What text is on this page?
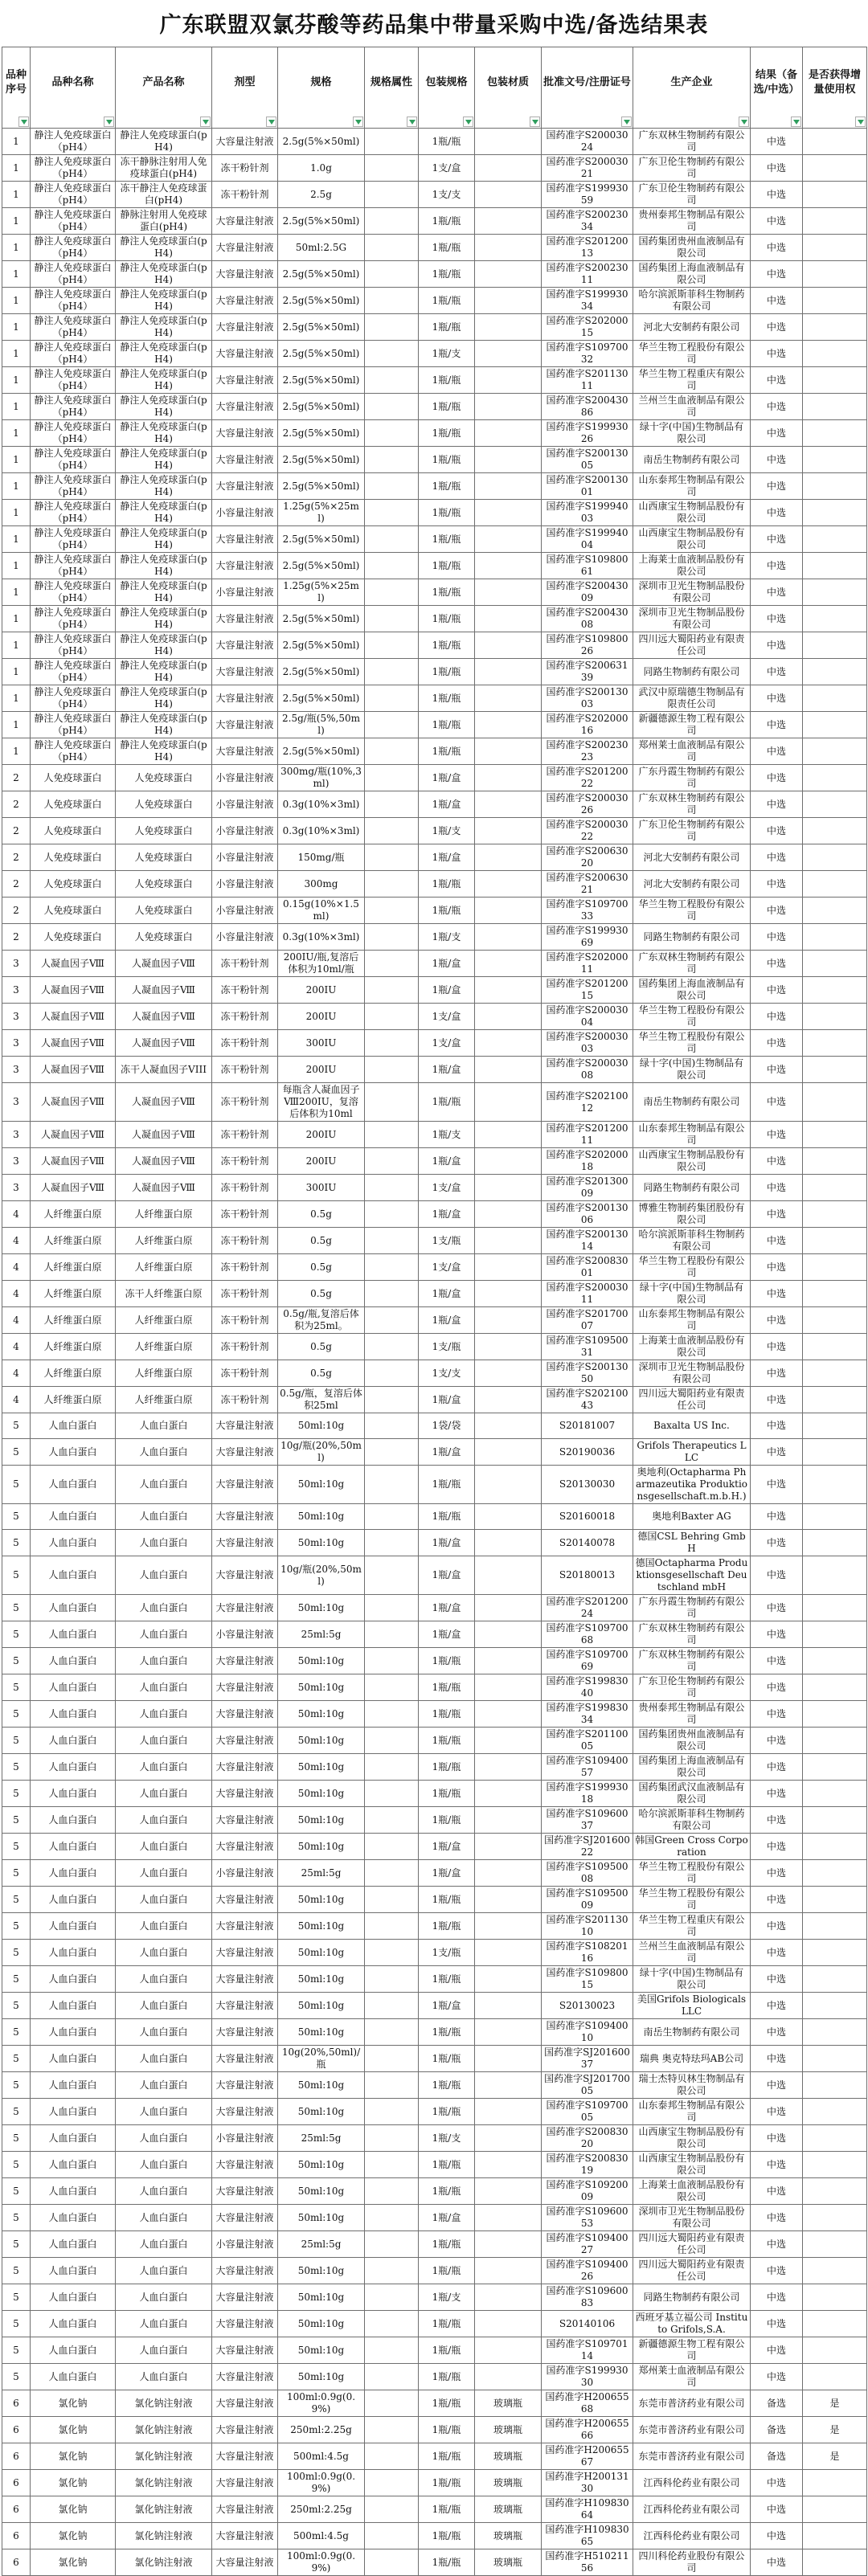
广东联盟双氯芬酸等药品集中带量采购中选/备选结果表
品种序号	品种名称	产品名称	剂型	规格	规格属性	包装规格	包装材质	批准文号/注册证号	生产企业	结果（备选/中选）	是否获得增量使用权

1	静注人免疫球蛋白（pH4）	静注人免疫球蛋白(pH4)	大容量注射液	2.5g(5%×50ml)		1瓶/瓶		国药准字S20003024	广东双林生物制药有限公司	中选	
1	静注人免疫球蛋白（pH4）	冻干静脉注射用人免疫球蛋白(pH4)	冻干粉针剂	1.0g		1支/盒		国药准字S20003021	广东卫伦生物制药有限公司	中选	
1	静注人免疫球蛋白（pH4）	冻干静注人免疫球蛋白(pH4)	冻干粉针剂	2.5g		1支/支		国药准字S19993059	广东卫伦生物制药有限公司	中选	
1	静注人免疫球蛋白（pH4）	静脉注射用人免疫球蛋白(pH4)	大容量注射液	2.5g(5%×50ml)		1瓶/瓶		国药准字S20023034	贵州泰邦生物制品有限公司	中选	
1	静注人免疫球蛋白（pH4）	静注人免疫球蛋白(pH4)	大容量注射液	50ml:2.5G		1瓶/瓶		国药准字S20120013	国药集团贵州血液制品有限公司	中选	
1	静注人免疫球蛋白（pH4）	静注人免疫球蛋白(pH4)	大容量注射液	2.5g(5%×50ml)		1瓶/瓶		国药准字S20023011	国药集团上海血液制品有限公司	中选	
1	静注人免疫球蛋白（pH4）	静注人免疫球蛋白(pH4)	大容量注射液	2.5g(5%×50ml)		1瓶/瓶		国药准字S19993034	哈尔滨派斯菲科生物制药有限公司	中选	
1	静注人免疫球蛋白（pH4）	静注人免疫球蛋白(pH4)	大容量注射液	2.5g(5%×50ml)		1瓶/瓶		国药准字S20200015	河北大安制药有限公司	中选	
1	静注人免疫球蛋白（pH4）	静注人免疫球蛋白(pH4)	大容量注射液	2.5g(5%×50ml)		1瓶/支		国药准字S10970032	华兰生物工程股份有限公司	中选	
1	静注人免疫球蛋白（pH4）	静注人免疫球蛋白(pH4)	大容量注射液	2.5g(5%×50ml)		1瓶/瓶		国药准字S20113011	华兰生物工程重庆有限公司	中选	
1	静注人免疫球蛋白（pH4）	静注人免疫球蛋白(pH4)	大容量注射液	2.5g(5%×50ml)		1瓶/瓶		国药准字S20043086	兰州兰生血液制品有限公司	中选	
1	静注人免疫球蛋白（pH4）	静注人免疫球蛋白(pH4)	大容量注射液	2.5g(5%×50ml)		1瓶/瓶		国药准字S19993026	绿十字(中国)生物制品有限公司	中选	
1	静注人免疫球蛋白（pH4）	静注人免疫球蛋白(pH4)	大容量注射液	2.5g(5%×50ml)		1瓶/瓶		国药准字S20013005	南岳生物制药有限公司	中选	
1	静注人免疫球蛋白（pH4）	静注人免疫球蛋白(pH4)	大容量注射液	2.5g(5%×50ml)		1瓶/瓶		国药准字S20013001	山东泰邦生物制品有限公司	中选	
1	静注人免疫球蛋白（pH4）	静注人免疫球蛋白(pH4)	小容量注射液	1.25g(5%×25ml)		1瓶/瓶		国药准字S19994003	山西康宝生物制品股份有限公司	中选	
1	静注人免疫球蛋白（pH4）	静注人免疫球蛋白(pH4)	大容量注射液	2.5g(5%×50ml)		1瓶/瓶		国药准字S19994004	山西康宝生物制品股份有限公司	中选	
1	静注人免疫球蛋白（pH4）	静注人免疫球蛋白(pH4)	大容量注射液	2.5g(5%×50ml)		1瓶/瓶		国药准字S10980061	上海莱士血液制品股份有限公司	中选	
1	静注人免疫球蛋白（pH4）	静注人免疫球蛋白(pH4)	小容量注射液	1.25g(5%×25ml)		1瓶/瓶		国药准字S20043009	深圳市卫光生物制品股份有限公司	中选	
1	静注人免疫球蛋白（pH4）	静注人免疫球蛋白(pH4)	大容量注射液	2.5g(5%×50ml)		1瓶/瓶		国药准字S20043008	深圳市卫光生物制品股份有限公司	中选	
1	静注人免疫球蛋白（pH4）	静注人免疫球蛋白(pH4)	大容量注射液	2.5g(5%×50ml)		1瓶/瓶		国药准字S10980026	四川远大蜀阳药业有限责任公司	中选	
1	静注人免疫球蛋白（pH4）	静注人免疫球蛋白(pH4)	大容量注射液	2.5g(5%×50ml)		1瓶/瓶		国药准字S20063139	同路生物制药有限公司	中选	
1	静注人免疫球蛋白（pH4）	静注人免疫球蛋白(pH4)	大容量注射液	2.5g(5%×50ml)		1瓶/瓶		国药准字S20013003	武汉中原瑞德生物制品有限责任公司	中选	
1	静注人免疫球蛋白（pH4）	静注人免疫球蛋白(pH4)	大容量注射液	2.5g/瓶(5%,50ml)		1瓶/瓶		国药准字S20200016	新疆德源生物工程有限公司	中选	
1	静注人免疫球蛋白（pH4）	静注人免疫球蛋白(pH4)	大容量注射液	2.5g(5%×50ml)		1瓶/瓶		国药准字S20023023	郑州莱士血液制品有限公司	中选	
2	人免疫球蛋白	人免疫球蛋白	小容量注射液	300mg/瓶(10%,3ml)		1瓶/盒		国药准字S20120022	广东丹霞生物制药有限公司	中选	
2	人免疫球蛋白	人免疫球蛋白	小容量注射液	0.3g(10%×3ml)		1瓶/盒		国药准字S20003026	广东双林生物制药有限公司	中选	
2	人免疫球蛋白	人免疫球蛋白	小容量注射液	0.3g(10%×3ml)		1瓶/支		国药准字S20003022	广东卫伦生物制药有限公司	中选	
2	人免疫球蛋白	人免疫球蛋白	小容量注射液	150mg/瓶		1瓶/盒		国药准字S20063020	河北大安制药有限公司	中选	
2	人免疫球蛋白	人免疫球蛋白	小容量注射液	300mg		1瓶/瓶		国药准字S20063021	河北大安制药有限公司	中选	
2	人免疫球蛋白	人免疫球蛋白	小容量注射液	0.15g(10%×1.5ml)		1瓶/瓶		国药准字S10970033	华兰生物工程股份有限公司	中选	
2	人免疫球蛋白	人免疫球蛋白	小容量注射液	0.3g(10%×3ml)		1瓶/支		国药准字S19993069	同路生物制药有限公司	中选	
3	人凝血因子Ⅷ	人凝血因子Ⅷ	冻干粉针剂	200IU/瓶,复溶后体积为10ml/瓶		1瓶/盒		国药准字S20200011	广东双林生物制药有限公司	中选	
3	人凝血因子Ⅷ	人凝血因子Ⅷ	冻干粉针剂	200IU		1瓶/盒		国药准字S20120015	国药集团上海血液制品有限公司	中选	
3	人凝血因子Ⅷ	人凝血因子Ⅷ	冻干粉针剂	200IU		1支/盒		国药准字S20003004	华兰生物工程股份有限公司	中选	
3	人凝血因子Ⅷ	人凝血因子Ⅷ	冻干粉针剂	300IU		1支/盒		国药准字S20003003	华兰生物工程股份有限公司	中选	
3	人凝血因子Ⅷ	冻干人凝血因子VIII	冻干粉针剂	200IU		1瓶/盒		国药准字S20003008	绿十字(中国)生物制品有限公司	中选	
3	人凝血因子Ⅷ	人凝血因子Ⅷ	冻干粉针剂	每瓶含人凝血因子Ⅷ200IU，复溶后体积为10ml		1瓶/瓶		国药准字S20210012	南岳生物制药有限公司	中选	
3	人凝血因子Ⅷ	人凝血因子Ⅷ	冻干粉针剂	200IU		1瓶/支		国药准字S20120011	山东泰邦生物制品有限公司	中选	
3	人凝血因子Ⅷ	人凝血因子Ⅷ	冻干粉针剂	200IU		1瓶/盒		国药准字S20200018	山西康宝生物制品股份有限公司	中选	
3	人凝血因子Ⅷ	人凝血因子Ⅷ	冻干粉针剂	300IU		1支/盒		国药准字S20130009	同路生物制药有限公司	中选	
4	人纤维蛋白原	人纤维蛋白原	冻干粉针剂	0.5g		1瓶/盒		国药准字S20013006	博雅生物制药集团股份有限公司	中选	
4	人纤维蛋白原	人纤维蛋白原	冻干粉针剂	0.5g		1支/瓶		国药准字S20013014	哈尔滨派斯菲科生物制药有限公司	中选	
4	人纤维蛋白原	人纤维蛋白原	冻干粉针剂	0.5g		1支/盒		国药准字S20083001	华兰生物工程股份有限公司	中选	
4	人纤维蛋白原	冻干人纤维蛋白原	冻干粉针剂	0.5g		1瓶/盒		国药准字S20003011	绿十字(中国)生物制品有限公司	中选	
4	人纤维蛋白原	人纤维蛋白原	冻干粉针剂	0.5g/瓶,复溶后体积为25ml。		1瓶/盒		国药准字S20170007	山东泰邦生物制品有限公司	中选	
4	人纤维蛋白原	人纤维蛋白原	冻干粉针剂	0.5g		1支/瓶		国药准字S10950031	上海莱士血液制品股份有限公司	中选	
4	人纤维蛋白原	人纤维蛋白原	冻干粉针剂	0.5g		1支/支		国药准字S20013050	深圳市卫光生物制品股份有限公司	中选	
4	人纤维蛋白原	人纤维蛋白原	冻干粉针剂	0.5g/瓶，复溶后体积25ml		1瓶/盒		国药准字S20210043	四川远大蜀阳药业有限责任公司	中选	
5	人血白蛋白	人血白蛋白	大容量注射液	50ml:10g		1袋/袋		S20181007	Baxalta US Inc.	中选	
5	人血白蛋白	人血白蛋白	大容量注射液	10g/瓶(20%,50ml)		1瓶/盒		S20190036	Grifols Therapeutics LLC	中选	
5	人血白蛋白	人血白蛋白	大容量注射液	50ml:10g		1瓶/瓶		S20130030	奥地利(Octapharma Pharmazeutika Produktionsgesellschaft.m.b.H.)	中选	
5	人血白蛋白	人血白蛋白	大容量注射液	50ml:10g		1瓶/瓶		S20160018	奥地利Baxter AG	中选	
5	人血白蛋白	人血白蛋白	大容量注射液	50ml:10g		1瓶/盒		S20140078	德国CSL Behring GmbH	中选	
5	人血白蛋白	人血白蛋白	大容量注射液	10g/瓶(20%,50ml)		1瓶/盒		S20180013	德国Octapharma Produktionsgesellschaft Deutschland mbH	中选	
5	人血白蛋白	人血白蛋白	大容量注射液	50ml:10g		1瓶/盒		国药准字S20120024	广东丹霞生物制药有限公司	中选	
5	人血白蛋白	人血白蛋白	小容量注射液	25ml:5g		1瓶/盒		国药准字S10970068	广东双林生物制药有限公司	中选	
5	人血白蛋白	人血白蛋白	大容量注射液	50ml:10g		1瓶/瓶		国药准字S10970069	广东双林生物制药有限公司	中选	
5	人血白蛋白	人血白蛋白	大容量注射液	50ml:10g		1瓶/瓶		国药准字S19983040	广东卫伦生物制药有限公司	中选	
5	人血白蛋白	人血白蛋白	大容量注射液	50ml:10g		1瓶/瓶		国药准字S19983034	贵州泰邦生物制品有限公司	中选	
5	人血白蛋白	人血白蛋白	大容量注射液	50ml:10g		1瓶/瓶		国药准字S20110005	国药集团贵州血液制品有限公司	中选	
5	人血白蛋白	人血白蛋白	大容量注射液	50ml:10g		1瓶/瓶		国药准字S10940057	国药集团上海血液制品有限公司	中选	
5	人血白蛋白	人血白蛋白	大容量注射液	50ml:10g		1瓶/瓶		国药准字S19993018	国药集团武汉血液制品有限公司	中选	
5	人血白蛋白	人血白蛋白	大容量注射液	50ml:10g		1瓶/瓶		国药准字S10960037	哈尔滨派斯菲科生物制药有限公司	中选	
5	人血白蛋白	人血白蛋白	大容量注射液	50ml:10g		1瓶/盒		国药准字SJ20160022	韩国Green Cross Corporation	中选	
5	人血白蛋白	人血白蛋白	小容量注射液	25ml:5g		1瓶/盒		国药准字S10950008	华兰生物工程股份有限公司	中选	
5	人血白蛋白	人血白蛋白	大容量注射液	50ml:10g		1瓶/瓶		国药准字S10950009	华兰生物工程股份有限公司	中选	
5	人血白蛋白	人血白蛋白	大容量注射液	50ml:10g		1瓶/瓶		国药准字S20113010	华兰生物工程重庆有限公司	中选	
5	人血白蛋白	人血白蛋白	大容量注射液	50ml:10g		1支/瓶		国药准字S10820116	兰州兰生血液制品有限公司	中选	
5	人血白蛋白	人血白蛋白	大容量注射液	50ml:10g		1瓶/瓶		国药准字S10980015	绿十字(中国)生物制品有限公司	中选	
5	人血白蛋白	人血白蛋白	大容量注射液	50ml:10g		1瓶/盒		S20130023	美国Grifols Biologicals LLC	中选	
5	人血白蛋白	人血白蛋白	大容量注射液	50ml:10g		1瓶/瓶		国药准字S10940010	南岳生物制药有限公司	中选	
5	人血白蛋白	人血白蛋白	大容量注射液	10g(20%,50ml)/瓶		1瓶/瓶		国药准字SJ20160037	瑞典 奥克特珐玛AB公司	中选	
5	人血白蛋白	人血白蛋白	大容量注射液	50ml:10g		1瓶/瓶		国药准字SJ20170005	瑞士杰特贝林生物制品有限公司	中选	
5	人血白蛋白	人血白蛋白	大容量注射液	50ml:10g		1瓶/瓶		国药准字S10970005	山东泰邦生物制品有限公司	中选	
5	人血白蛋白	人血白蛋白	小容量注射液	25ml:5g		1瓶/支		国药准字S20083020	山西康宝生物制品股份有限公司	中选	
5	人血白蛋白	人血白蛋白	大容量注射液	50ml:10g		1瓶/瓶		国药准字S20083019	山西康宝生物制品股份有限公司	中选	
5	人血白蛋白	人血白蛋白	大容量注射液	50ml:10g		1瓶/瓶		国药准字S10920009	上海莱士血液制品股份有限公司	中选	
5	人血白蛋白	人血白蛋白	大容量注射液	50ml:10g		1瓶/盒		国药准字S10960053	深圳市卫光生物制品股份有限公司	中选	
5	人血白蛋白	人血白蛋白	小容量注射液	25ml:5g		1瓶/瓶		国药准字S10940027	四川远大蜀阳药业有限责任公司	中选	
5	人血白蛋白	人血白蛋白	大容量注射液	50ml:10g		1瓶/瓶		国药准字S10940026	四川远大蜀阳药业有限责任公司	中选	
5	人血白蛋白	人血白蛋白	大容量注射液	50ml:10g		1瓶/支		国药准字S10960083	同路生物制药有限公司	中选	
5	人血白蛋白	人血白蛋白	大容量注射液	50ml:10g		1瓶/瓶		S20140106	西班牙基立福公司 Instituto Grifols,S.A.	中选	
5	人血白蛋白	人血白蛋白	大容量注射液	50ml:10g		1瓶/瓶		国药准字S10970114	新疆德源生物工程有限公司	中选	
5	人血白蛋白	人血白蛋白	大容量注射液	50ml:10g		1瓶/瓶		国药准字S19993030	郑州莱士血液制品有限公司	中选	
6	氯化钠	氯化钠注射液	大容量注射液	100ml:0.9g(0.9%)		1瓶/瓶	玻璃瓶	国药准字H20065568	东莞市普济药业有限公司	备选	是
6	氯化钠	氯化钠注射液	大容量注射液	250ml:2.25g		1瓶/瓶	玻璃瓶	国药准字H20065566	东莞市普济药业有限公司	备选	是
6	氯化钠	氯化钠注射液	大容量注射液	500ml:4.5g		1瓶/瓶	玻璃瓶	国药准字H20065567	东莞市普济药业有限公司	备选	是
6	氯化钠	氯化钠注射液	大容量注射液	100ml:0.9g(0.9%)		1瓶/瓶	玻璃瓶	国药准字H20013130	江西科伦药业有限公司	中选	
6	氯化钠	氯化钠注射液	大容量注射液	250ml:2.25g		1瓶/瓶	玻璃瓶	国药准字H10983064	江西科伦药业有限公司	中选	
6	氯化钠	氯化钠注射液	大容量注射液	500ml:4.5g		1瓶/瓶	玻璃瓶	国药准字H10983065	江西科伦药业有限公司	中选	
6	氯化钠	氯化钠注射液	大容量注射液	100ml:0.9g(0.9%)		1瓶/瓶	玻璃瓶	国药准字H51021156	四川科伦药业股份有限公司	中选	
